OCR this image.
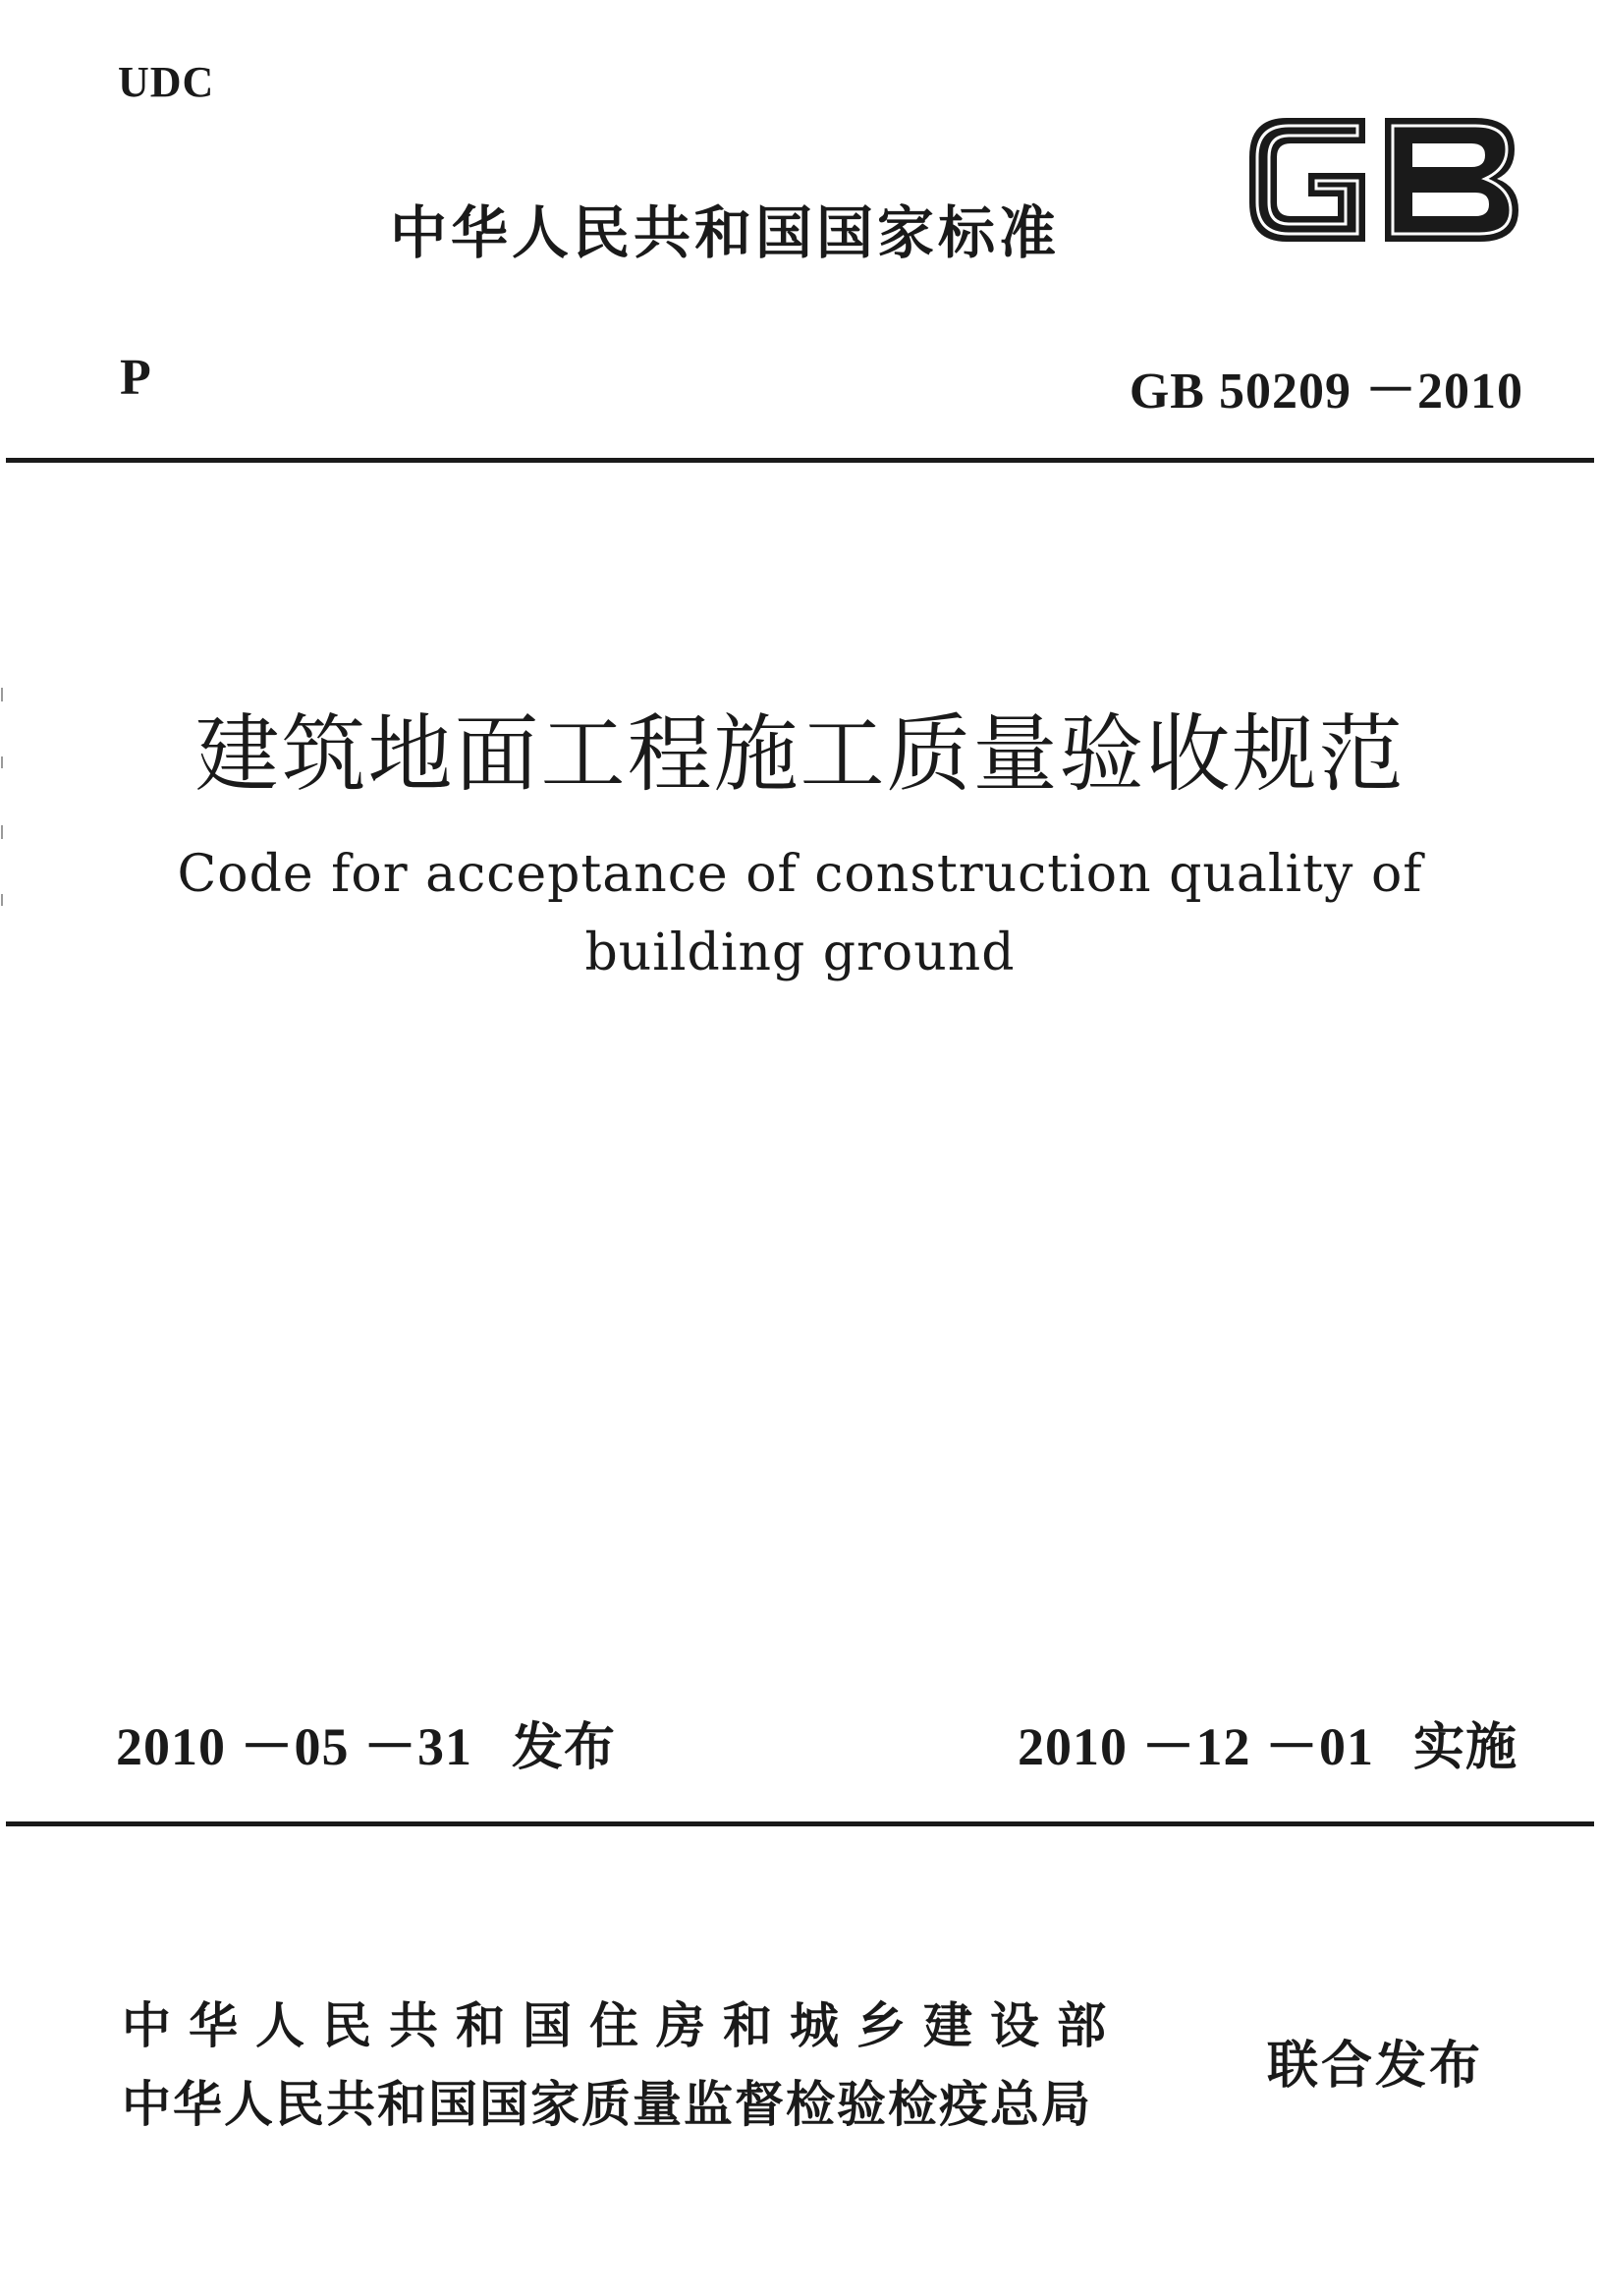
UDC
中华人民共和国国家标准
P	GB 50209 －2010
建筑地面工程施工质量验收规范
Code for acceptance of construction quality of
building ground
2010 －05 －31 发布	2010 －12 －01 实施
中华人民共和国住房和城乡建设部
中华人民共和国国家质量监督检验检疫总局
联合发布
